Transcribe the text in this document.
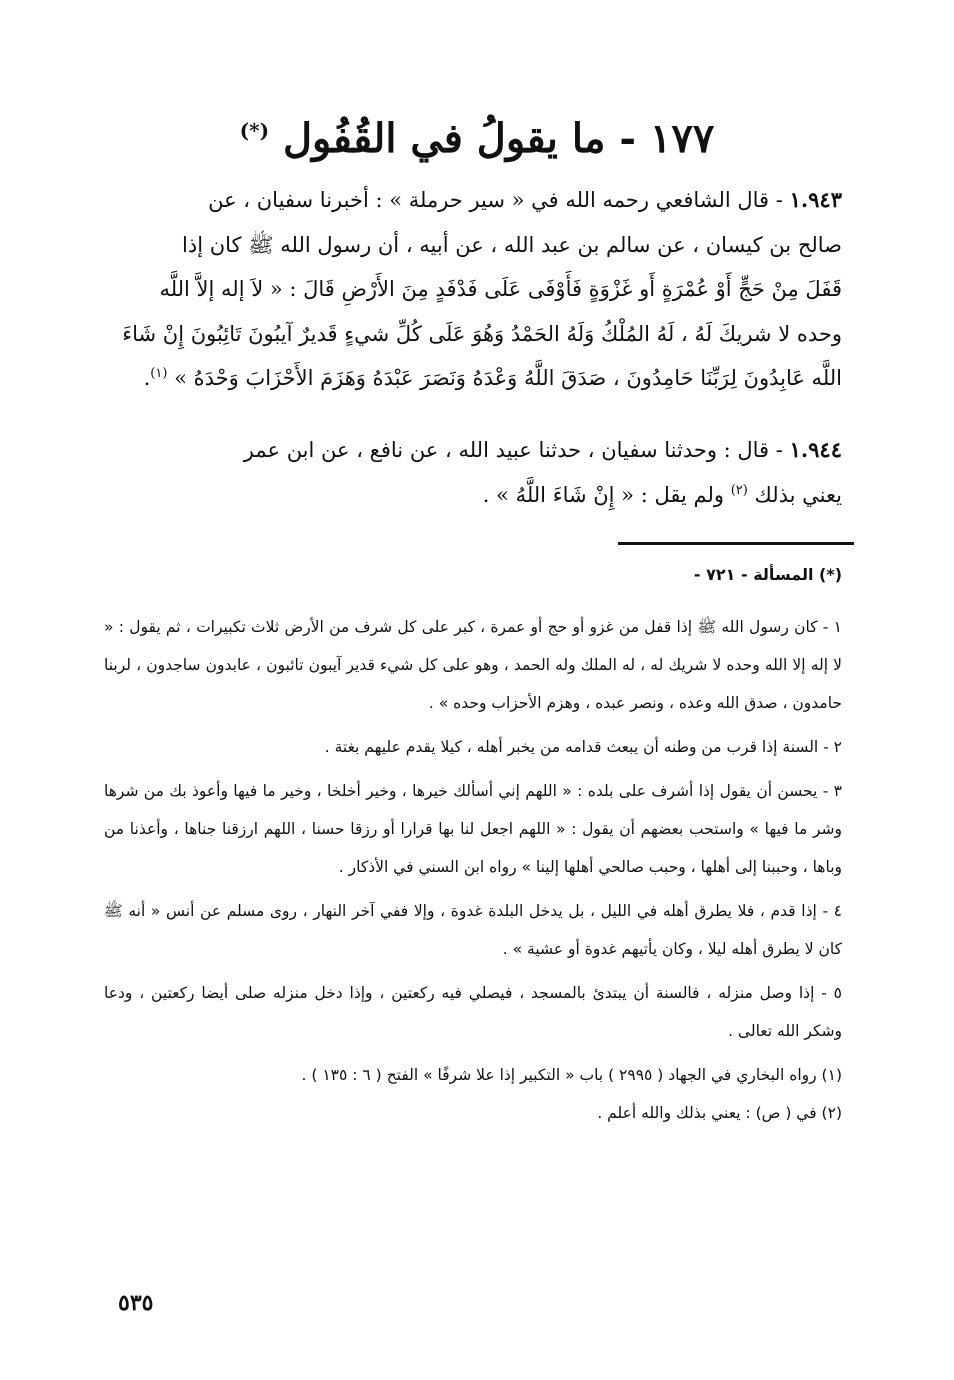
١٧٧ - ما يقولُ في القُفُول (*)

١.٩٤٣ - قال الشافعي رحمه الله في « سير حرملة » : أخبرنا سفيان ، عن

صالح بن كيسان ، عن سالم بن عبد الله ، عن أبيه ، أن رسول الله ﷺ كان إذا

قَفَلَ مِنْ حَجٍّ أَوْ عُمْرَةٍ أَو غَزْوَةٍ فَأَوْفَى عَلَى فَدْفَدٍ مِنَ الأَرْضِ قَالَ : « لاَ إله إلاَّ اللَّه

وحده لا شريكَ لَهُ ، لَهُ المُلْكُ وَلَهُ الحَمْدُ وَهُوَ عَلَى كُلِّ شيءٍ قَديرٌ آيبُونَ تَائِبُونَ إِنْ شَاءَ

اللَّه عَابِدُونَ لِرَبِّنَا حَامِدُونَ ، صَدَقَ اللَّهُ وَعْدَهُ وَنَصَرَ عَبْدَهُ وَهَزَمَ الأَحْزَابَ وَحْدَهُ » $^{(١)}$.

١.٩٤٤ - قال : وحدثنا سفيان ، حدثنا عبيد الله ، عن نافع ، عن ابن عمر

يعني بذلك $^{(٢)}$ ولم يقل : « إِنْ شَاءَ اللَّهُ » .

(*) المسألة - ٧٢١ -

١ - كان رسول الله ﷺ إذا قفل من غزو أو حج أو عمرة ، كبر على كل شرف من الأرض ثلاث تكبيرات ، ثم يقول : « لا إله إلا الله وحده لا شريك له ، له الملك وله الحمد ، وهو على كل شيء قدير آيبون تائبون ، عابدون ساجدون ، لربنا حامدون ، صدق الله وعده ، ونصر عبده ، وهزم الأحزاب وحده » .

٢ - السنة إذا قرب من وطنه أن يبعث قدامه من يخبر أهله ، كيلا يقدم عليهم بغتة .

٣ - يحسن أن يقول إذا أشرف على بلده : « اللهم إني أسألك خيرها ، وخير أخلخا ، وخير ما فيها وأعوذ بك من شرها وشر ما فيها » واستحب بعضهم أن يقول : « اللهم اجعل لنا بها قرارا أو رزقا حسنا ، اللهم ارزقنا جناها ، وأعذنا من وباها ، وحببنا إلى أهلها ، وحبب صالحي أهلها إلينا » رواه ابن السني في الأذكار .

٤ - إذا قدم ، فلا يطرق أهله في الليل ، بل يدخل البلدة غدوة ، وإلا ففي آخر النهار ، روى مسلم عن أنس « أنه ﷺ كان لا يطرق أهله ليلا ، وكان يأتيهم غدوة أو عشية » .

٥ - إذا وصل منزله ، فالسنة أن يبتدئ بالمسجد ، فيصلي فيه ركعتين ، وإذا دخل منزله صلى أيضا ركعتين ، ودعا وشكر الله تعالى .

(١) رواه البخاري في الجهاد ( ٢٩٩٥ ) باب « التكبير إذا علا شرفًا » الفتح ( ٦ : ١٣٥ ) .

(٢) في ( ص) : يعني بذلك والله أعلم .

٥٣٥
